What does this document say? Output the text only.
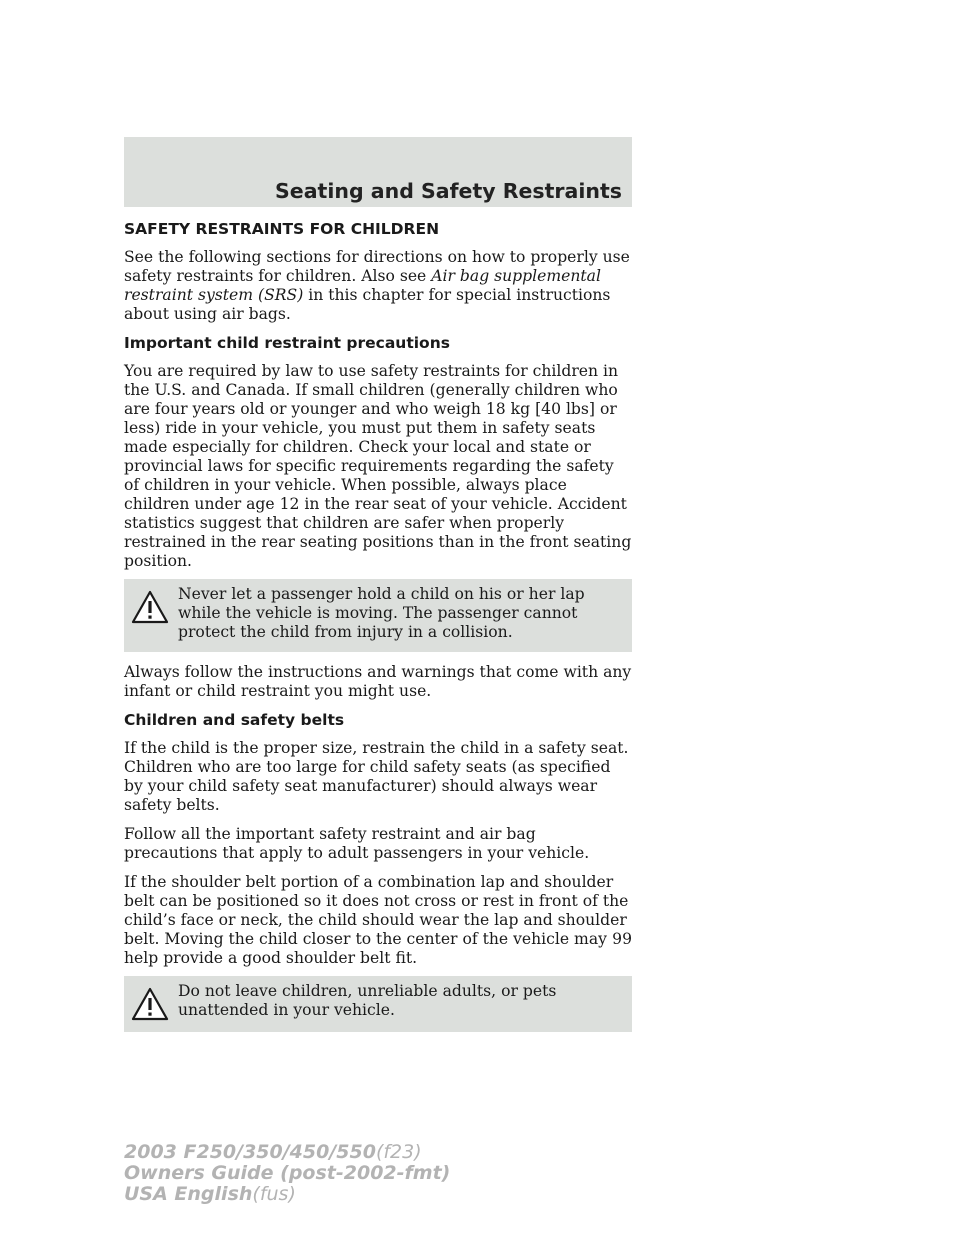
Seating and Safety Restraints
SAFETY RESTRAINTS FOR CHILDREN

See the following sections for directions on how to properly use safety restraints for children. Also see Air bag supplemental restraint system (SRS) in this chapter for special instructions about using air bags.

Important child restraint precautions

You are required by law to use safety restraints for children in the U.S. and Canada. If small children (generally children who are four years old or younger and who weigh 18 kg [40 lbs] or less) ride in your vehicle, you must put them in safety seats made especially for children. Check your local and state or provincial laws for specific requirements regarding the safety of children in your vehicle. When possible, always place children under age 12 in the rear seat of your vehicle. Accident statistics suggest that children are safer when properly restrained in the rear seating positions than in the front seating position.

Never let a passenger hold a child on his or her lap while the vehicle is moving. The passenger cannot protect the child from injury in a collision.

Always follow the instructions and warnings that come with any infant or child restraint you might use.

Children and safety belts

If the child is the proper size, restrain the child in a safety seat. Children who are too large for child safety seats (as specified by your child safety seat manufacturer) should always wear safety belts.

Follow all the important safety restraint and air bag precautions that apply to adult passengers in your vehicle.

If the shoulder belt portion of a combination lap and shoulder belt can be positioned so it does not cross or rest in front of the child’s face or neck, the child should wear the lap and shoulder belt. Moving the child closer to the center of the vehicle may help provide a good shoulder belt fit.

Do not leave children, unreliable adults, or pets unattended in your vehicle.
99
2003 F250/350/450/550(f23)
Owners Guide (post-2002-fmt)
USA English(fus)
